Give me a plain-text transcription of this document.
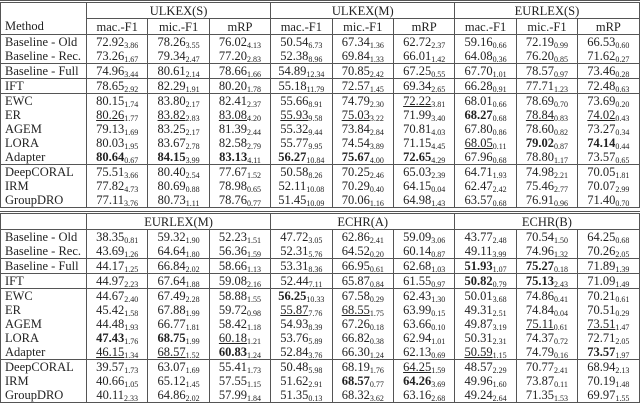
	ULKEX(S)			ULKEX(M)			EURLEX(S)		
Method	mac.-F1	mic.-F1	mRP	mac.-F1	mic.-F1	mRP	mac.-F1	mic.-F1	mRP
Baseline - Old	$72.92_{3.86}$	$78.26_{3.55}$	$76.02_{4.13}$	$50.54_{6.73}$	$67.34_{1.36}$	$62.72_{2.37}$	$59.16_{0.66}$	$72.19_{0.99}$	$66.53_{0.60}$
Baseline - Rec.	$73.26_{1.67}$	$79.34_{2.47}$	$77.20_{2.83}$	$52.38_{8.96}$	$69.84_{1.33}$	$66.01_{1.42}$	$64.08_{0.36}$	$76.20_{0.85}$	$71.62_{0.27}$
Baseline - Full	$74.96_{3.44}$	$80.61_{2.14}$	$78.66_{1.66}$	$54.89_{12.34}$	$70.85_{2.42}$	$67.25_{0.55}$	$67.70_{1.01}$	$78.57_{0.97}$	$73.46_{0.28}$
IFT	$78.65_{2.92}$	$82.29_{1.91}$	$80.20_{1.78}$	$55.18_{11.79}$	$72.57_{1.45}$	$69.34_{2.65}$	$66.28_{0.91}$	$77.71_{1.23}$	$72.48_{0.63}$
EWC	$80.15_{1.74}$	$83.80_{2.17}$	$82.41_{2.37}$	$55.66_{8.91}$	$74.79_{2.30}$	$72.22_{3.81}$	$68.01_{0.66}$	$78.69_{0.70}$	$73.69_{0.20}$
ER	$80.26_{1.77}$	$83.82_{2.83}$	$83.08_{4.20}$	$55.93_{9.58}$	$75.03_{3.22}$	$71.99_{3.40}$	$68.27_{0.68}$	$78.84_{0.83}$	$74.02_{0.43}$
AGEM	$79.13_{1.69}$	$83.25_{2.17}$	$81.39_{2.44}$	$55.32_{9.44}$	$73.84_{2.84}$	$70.81_{4.03}$	$67.80_{0.86}$	$78.60_{0.82}$	$73.27_{0.34}$
LORA	$80.03_{1.95}$	$83.67_{2.78}$	$82.58_{2.79}$	$55.77_{9.95}$	$74.54_{3.89}$	$71.15_{4.45}$	$68.05_{0.11}$	$79.02_{0.87}$	$74.14_{0.44}$
Adapter	$80.64_{0.67}$	$84.15_{3.99}$	$83.13_{4.11}$	$56.27_{10.84}$	$75.67_{4.00}$	$72.65_{4.29}$	$67.96_{0.68}$	$78.80_{1.17}$	$73.57_{0.65}$
DeepCORAL	$75.51_{3.66}$	$80.40_{2.54}$	$77.67_{1.52}$	$50.58_{8.26}$	$70.25_{2.46}$	$65.03_{2.39}$	$64.71_{1.93}$	$74.98_{2.21}$	$70.05_{1.81}$
IRM	$77.82_{4.73}$	$80.69_{0.88}$	$78.98_{0.65}$	$52.11_{10.08}$	$70.29_{0.40}$	$64.15_{0.04}$	$62.47_{2.42}$	$75.46_{2.77}$	$70.07_{2.99}$
GroupDRO	$77.11_{3.76}$	$80.73_{1.11}$	$78.76_{0.77}$	$51.45_{10.09}$	$70.06_{1.16}$	$64.98_{1.43}$	$63.57_{0.68}$	$76.91_{0.96}$	$71.40_{0.70}$
	EURLEX(M)			ECHR(A)			ECHR(B)		
Baseline - Old	$38.35_{0.81}$	$59.32_{1.90}$	$52.23_{1.51}$	$47.72_{3.05}$	$62.86_{2.41}$	$59.09_{3.06}$	$43.77_{2.48}$	$70.54_{1.50}$	$64.25_{0.68}$
Baseline - Rec.	$43.69_{1.26}$	$64.64_{1.80}$	$56.36_{1.59}$	$52.31_{5.76}$	$64.52_{0.20}$	$60.14_{0.87}$	$49.11_{3.99}$	$74.96_{1.32}$	$70.26_{2.05}$
Baseline - Full	$44.17_{1.25}$	$66.84_{2.02}$	$58.66_{1.13}$	$53.31_{8.36}$	$66.95_{0.61}$	$62.68_{1.03}$	$51.93_{1.07}$	$75.27_{0.18}$	$71.89_{1.39}$
IFT	$44.97_{2.23}$	$67.64_{1.88}$	$59.08_{2.16}$	$52.44_{7.11}$	$65.87_{0.84}$	$61.55_{0.97}$	$50.82_{0.79}$	$75.13_{2.43}$	$71.09_{1.49}$
EWC	$44.67_{2.40}$	$67.49_{2.28}$	$58.88_{1.55}$	$56.25_{10.33}$	$67.58_{0.29}$	$62.43_{1.30}$	$50.01_{3.68}$	$74.86_{0.41}$	$70.21_{0.61}$
ER	$45.42_{1.58}$	$67.88_{1.99}$	$59.72_{0.98}$	$55.87_{7.76}$	$68.55_{1.75}$	$63.99_{0.15}$	$49.31_{2.51}$	$74.84_{0.04}$	$70.51_{0.29}$
AGEM	$44.48_{1.93}$	$66.77_{1.81}$	$58.42_{1.18}$	$54.93_{8.39}$	$67.26_{0.18}$	$63.66_{0.10}$	$49.87_{3.19}$	$75.11_{0.61}$	$73.51_{1.47}$
LORA	$47.43_{1.76}$	$68.75_{1.99}$	$60.18_{1.21}$	$53.76_{5.89}$	$66.82_{0.38}$	$62.94_{1.01}$	$50.31_{2.31}$	$74.37_{0.72}$	$72.71_{2.05}$
Adapter	$46.15_{1.34}$	$68.57_{1.52}$	$60.83_{1.24}$	$52.84_{3.76}$	$66.30_{1.24}$	$62.13_{0.69}$	$50.59_{1.15}$	$74.79_{0.16}$	$73.57_{1.97}$
DeepCORAL	$39.57_{1.73}$	$63.07_{1.69}$	$55.41_{1.73}$	$50.48_{5.98}$	$68.19_{1.76}$	$64.25_{1.59}$	$48.57_{2.29}$	$70.77_{2.41}$	$68.94_{2.13}$
IRM	$40.66_{1.05}$	$65.12_{1.45}$	$57.55_{1.15}$	$51.62_{2.91}$	$68.57_{0.77}$	$64.26_{3.69}$	$49.96_{1.60}$	$73.87_{0.11}$	$70.19_{1.48}$
GroupDRO	$40.11_{2.33}$	$64.86_{2.02}$	$57.99_{1.84}$	$51.35_{0.13}$	$68.32_{3.62}$	$63.16_{2.68}$	$49.24_{2.64}$	$71.35_{1.53}$	$69.97_{1.55}$
